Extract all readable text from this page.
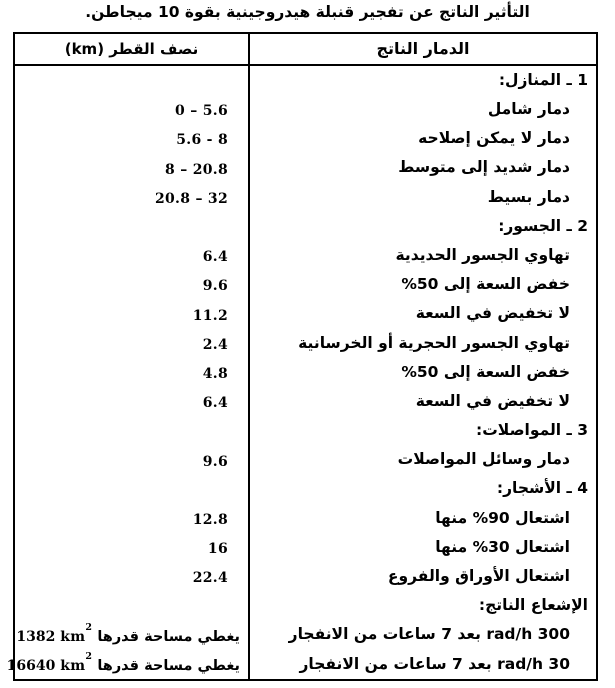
التأثير الناتج عن تفجير قنبلة هيدروجينية بقوة 10 ميجاطن.
نصف القطر (km)	الدمار الناتج
1 ـ المنازل:
0 – 5.6	دمار شامل
5.6 - 8	دمار لا يمكن إصلاحه
8 – 20.8	دمار شديد إلى متوسط
20.8 – 32	دمار بسيط
2 ـ الجسور:
6.4	تهاوي الجسور الحديدية
9.6	خفض السعة إلى 50%
11.2	لا تخفيض في السعة
2.4	تهاوي الجسور الحجرية أو الخرسانية
4.8	خفض السعة إلى 50%
6.4	لا تخفيض في السعة
3 ـ المواصلات:
9.6	دمار وسائل المواصلات
4 ـ الأشجار:
12.8	اشتعال 90% منها
16	اشتعال 30% منها
22.4	اشتعال الأوراق والفروع
الإشعاع الناتج:
يغطي مساحة قدرها 1382 $km^2$	300 rad/h بعد 7 ساعات من الانفجار
يغطي مساحة قدرها 16640 $km^2$	30 rad/h بعد 7 ساعات من الانفجار
